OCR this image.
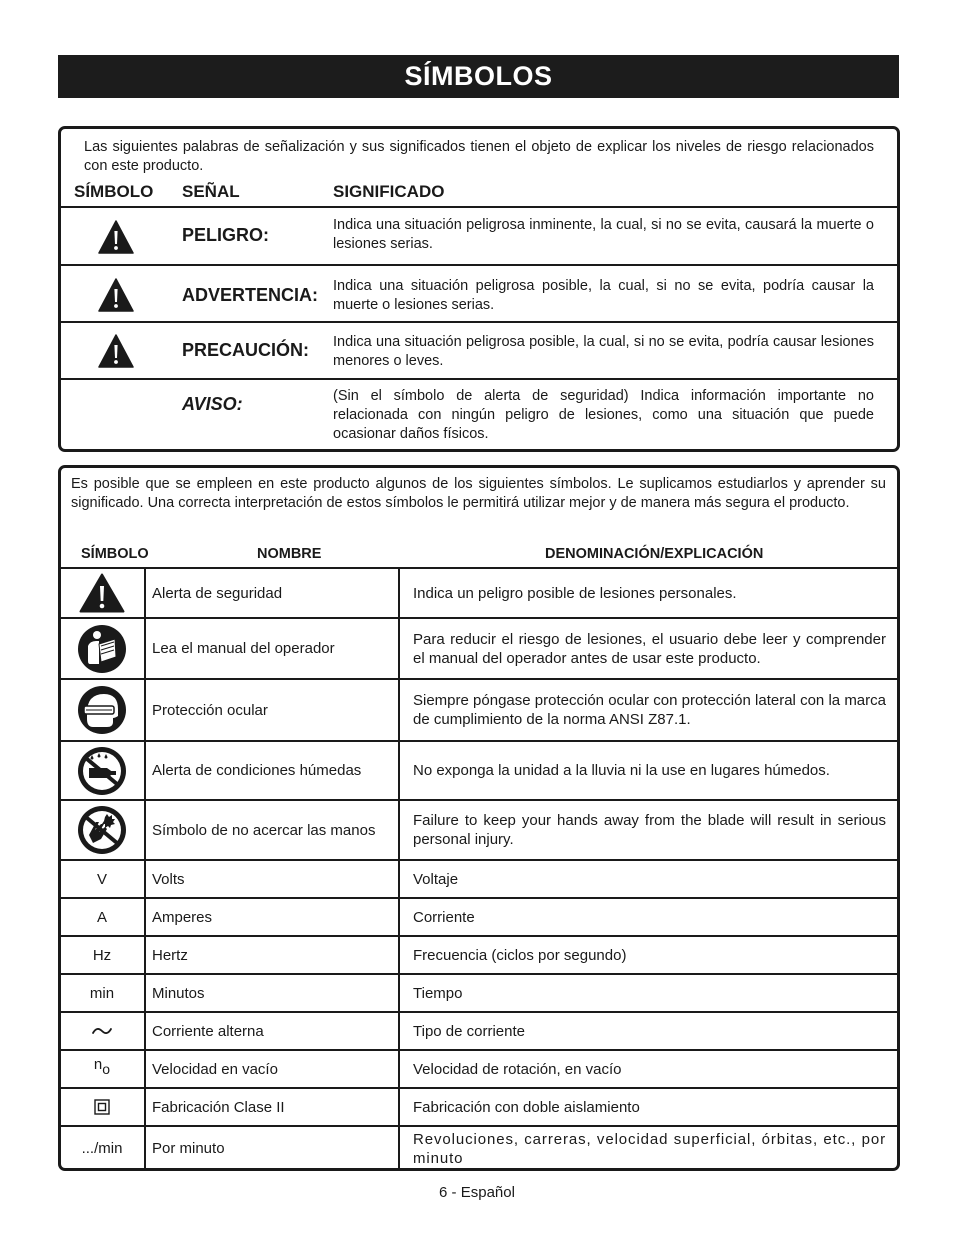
SÍMBOLOS
Las siguientes palabras de señalización y sus significados tienen el objeto de explicar los niveles de riesgo relacionados con este producto.
SÍMBOLO SEÑAL	SIGNIFICADO
PELIGRO:	Indica una situación peligrosa inminente, la cual, si no se evita, causará la muerte o lesiones serias.
ADVERTENCIA: Indica una situación peligrosa posible, la cual, si no se evita, podría causar la muerte o lesiones serias.
PRECAUCIÓN: Indica una situación peligrosa posible, la cual, si no se evita, podría causar lesiones menores o leves.
AVISO:	(Sin el símbolo de alerta de seguridad) Indica información importante no relacionada con ningún peligro de lesiones, como una situación que puede ocasionar daños físicos.
Es posible que se empleen en este producto algunos de los siguientes símbolos. Le suplicamos estudiarlos y aprender su significado. Una correcta interpretación de estos símbolos le permitirá utilizar mejor y de manera más segura el producto.
SÍMBOLO	NOMBRE	DENOMINACIÓN/EXPLICACIÓN
	Alerta de seguridad	Indica un peligro posible de lesiones personales.

	Lea el manual del operador	Para reducir el riesgo de lesiones, el usuario debe leer y comprender el manual del operador antes de usar este producto.

	Protección ocular	Siempre póngase protección ocular con protección lateral con la marca de cumplimiento de la norma ANSI Z87.1.

	Alerta de condiciones húmedas	No exponga la unidad a la lluvia ni la use en lugares húmedos.

	Símbolo de no acercar las manos	Failure to keep your hands away from the blade will result in serious personal injury.
V	Volts	Voltaje
A	Amperes	Corriente
Hz	Hertz	Frecuencia (ciclos por segundo)
min	Minutos	Tiempo

	Corriente alterna	Tipo de corriente
no	Velocidad en vacío	Velocidad de rotación, en vacío

	Fabricación Clase II	Fabricación con doble aislamiento
.../min	Por minuto	Revoluciones, carreras, velocidad superficial, órbitas, etc., por minuto
6 - Español
